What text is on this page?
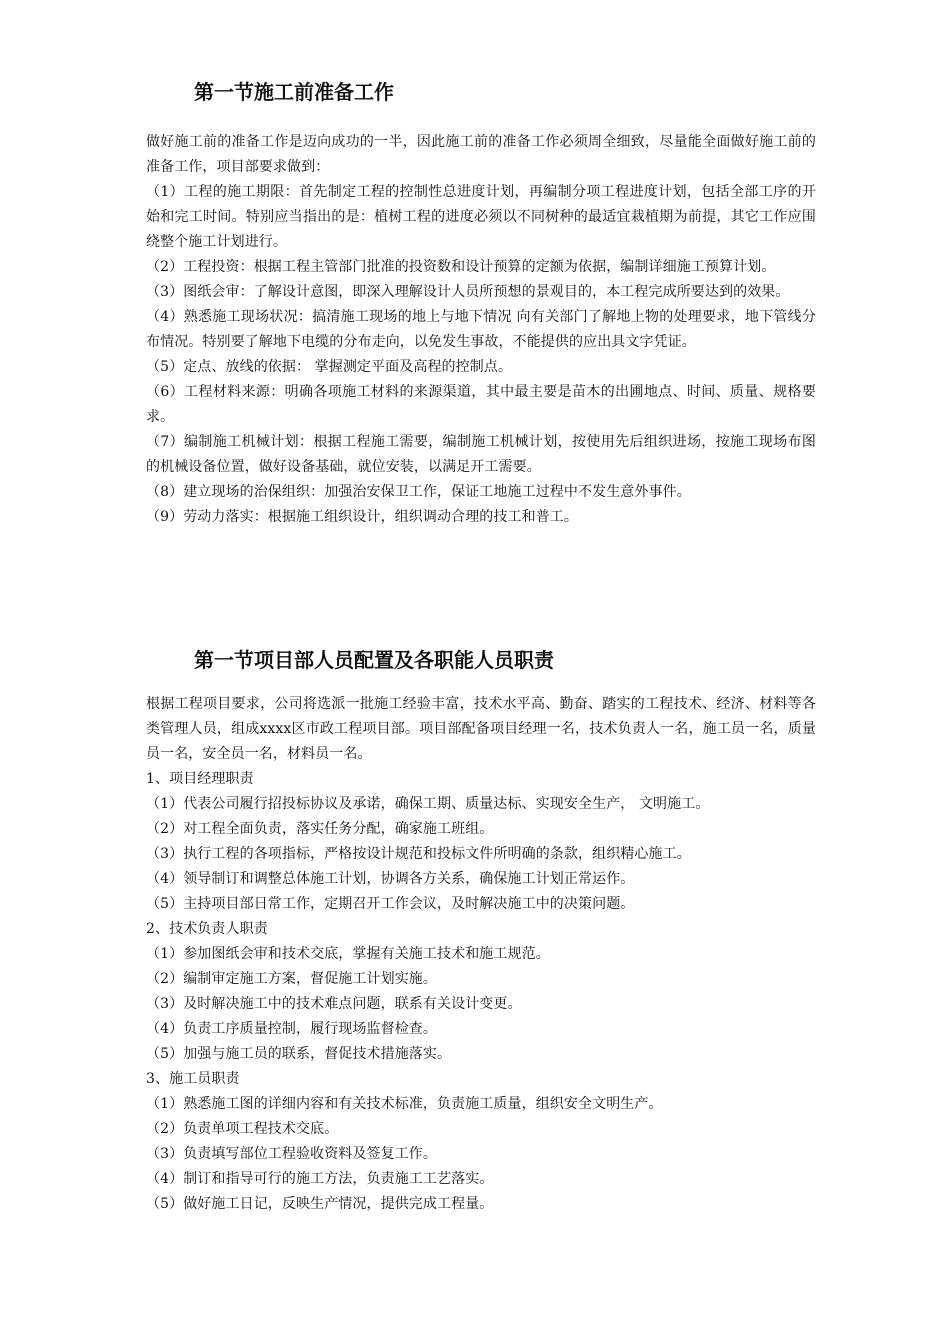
第一节施工前准备工作

做好施工前的准备工作是迈向成功的一半，因此施工前的准备工作必须周全细致，尽量能全面做好施工前的准备工作，项目部要求做到：

（1）工程的施工期限：首先制定工程的控制性总进度计划，再编制分项工程进度计划，包括全部工序的开始和完工时间。特别应当指出的是：植树工程的进度必须以不同树种的最适宜栽植期为前提，其它工作应围绕整个施工计划进行。

（2）工程投资：根据工程主管部门批准的投资数和设计预算的定额为依据，编制详细施工预算计划。

（3）图纸会审：了解设计意图，即深入理解设计人员所预想的景观目的，本工程完成所要达到的效果。

（4）熟悉施工现场状况：搞清施工现场的地上与地下情况 向有关部门了解地上物的处理要求，地下管线分布情况。特别要了解地下电缆的分布走向，以免发生事故，不能提供的应出具文字凭证。

（5）定点、放线的依据： 掌握测定平面及高程的控制点。

（6）工程材料来源：明确各项施工材料的来源渠道，其中最主要是苗木的出圃地点、时间、质量、规格要求。

（7）编制施工机械计划：根据工程施工需要，编制施工机械计划，按使用先后组织进场，按施工现场布图的机械设备位置，做好设备基础，就位安装，以满足开工需要。

（8）建立现场的治保组织：加强治安保卫工作，保证工地施工过程中不发生意外事件。

（9）劳动力落实：根据施工组织设计，组织调动合理的技工和普工。

第一节项目部人员配置及各职能人员职责

根据工程项目要求，公司将选派一批施工经验丰富，技术水平高、勤奋、踏实的工程技术、经济、材料等各类管理人员，组成xxxx区市政工程项目部。项目部配备项目经理一名，技术负责人一名，施工员一名，质量员一名，安全员一名，材料员一名。

1、项目经理职责

（1）代表公司履行招投标协议及承诺，确保工期、质量达标、实现安全生产， 文明施工。

（2）对工程全面负责，落实任务分配，确家施工班组。

（3）执行工程的各项指标，严格按设计规范和投标文件所明确的条款，组织精心施工。

（4）领导制订和调整总体施工计划，协调各方关系，确保施工计划正常运作。

（5）主持项目部日常工作，定期召开工作会议，及时解决施工中的决策问题。

2、技术负责人职责

（1）参加图纸会审和技术交底，掌握有关施工技术和施工规范。

（2）编制审定施工方案，督促施工计划实施。

（3）及时解决施工中的技术难点问题，联系有关设计变更。

（4）负责工序质量控制，履行现场监督检查。

（5）加强与施工员的联系，督促技术措施落实。

3、施工员职责

（1）熟悉施工图的详细内容和有关技术标准，负责施工质量，组织安全文明生产。

（2）负责单项工程技术交底。

（3）负责填写部位工程验收资料及签复工作。

（4）制订和指导可行的施工方法，负责施工工艺落实。

（5）做好施工日记，反映生产情况，提供完成工程量。
